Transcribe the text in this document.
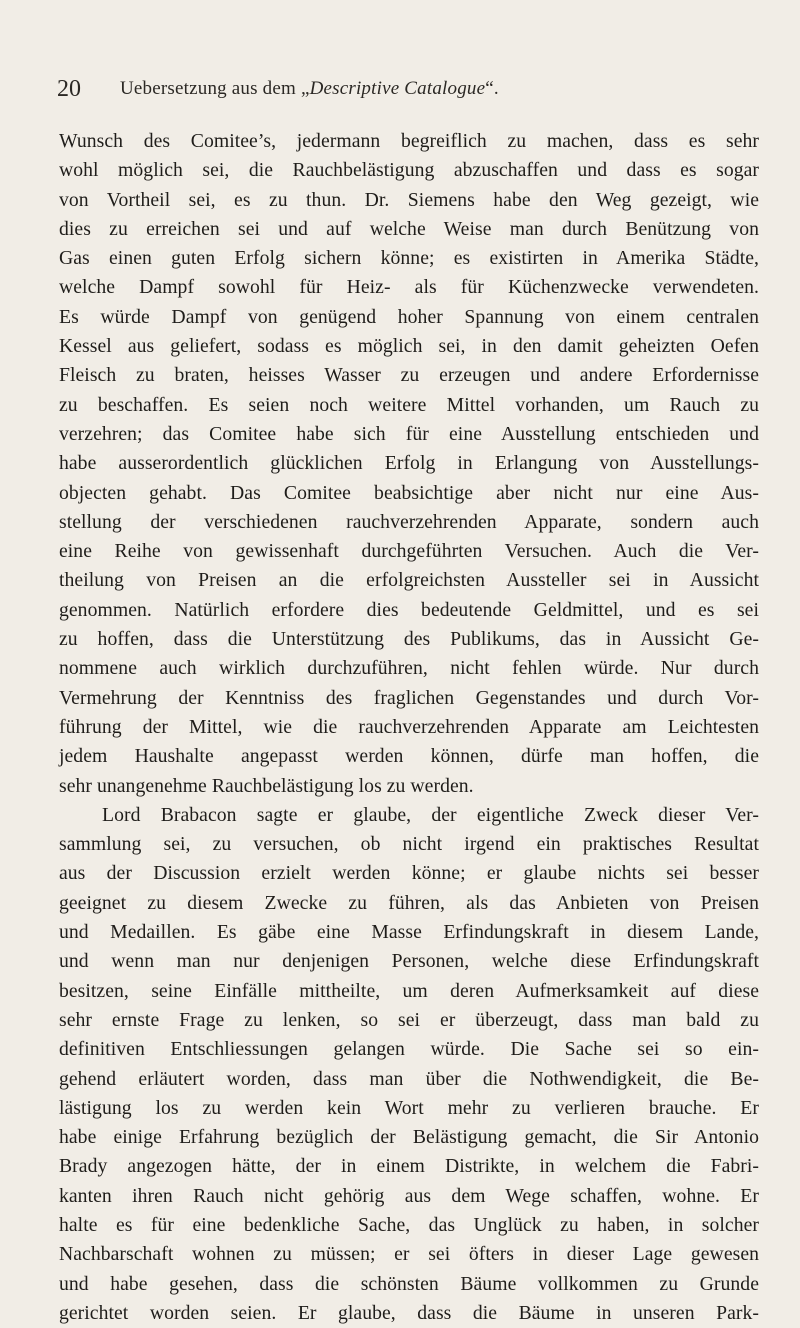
20 Uebersetzung aus dem „Descriptive Catalogue“.
Wunsch des Comitee’s, jedermann begreiflich zu machen, dass es sehr
wohl möglich sei, die Rauchbelästigung abzuschaffen und dass es sogar
von Vortheil sei, es zu thun. Dr. Siemens habe den Weg gezeigt, wie
dies zu erreichen sei und auf welche Weise man durch Benützung von
Gas einen guten Erfolg sichern könne; es existirten in Amerika Städte,
welche Dampf sowohl für Heiz- als für Küchenzwecke verwendeten.
Es würde Dampf von genügend hoher Spannung von einem centralen
Kessel aus geliefert, sodass es möglich sei, in den damit geheizten Oefen
Fleisch zu braten, heisses Wasser zu erzeugen und andere Erfordernisse
zu beschaffen. Es seien noch weitere Mittel vorhanden, um Rauch zu
verzehren; das Comitee habe sich für eine Ausstellung entschieden und
habe ausserordentlich glücklichen Erfolg in Erlangung von Ausstellungs-
objecten gehabt. Das Comitee beabsichtige aber nicht nur eine Aus-
stellung der verschiedenen rauchverzehrenden Apparate, sondern auch
eine Reihe von gewissenhaft durchgeführten Versuchen. Auch die Ver-
theilung von Preisen an die erfolgreichsten Aussteller sei in Aussicht
genommen. Natürlich erfordere dies bedeutende Geldmittel, und es sei
zu hoffen, dass die Unterstützung des Publikums, das in Aussicht Ge-
nommene auch wirklich durchzuführen, nicht fehlen würde. Nur durch
Vermehrung der Kenntniss des fraglichen Gegenstandes und durch Vor-
führung der Mittel, wie die rauchverzehrenden Apparate am Leichtesten
jedem Haushalte angepasst werden können, dürfe man hoffen, die
sehr unangenehme Rauchbelästigung los zu werden.
Lord Brabacon sagte er glaube, der eigentliche Zweck dieser Ver-
sammlung sei, zu versuchen, ob nicht irgend ein praktisches Resultat
aus der Discussion erzielt werden könne; er glaube nichts sei besser
geeignet zu diesem Zwecke zu führen, als das Anbieten von Preisen
und Medaillen. Es gäbe eine Masse Erfindungskraft in diesem Lande,
und wenn man nur denjenigen Personen, welche diese Erfindungskraft
besitzen, seine Einfälle mittheilte, um deren Aufmerksamkeit auf diese
sehr ernste Frage zu lenken, so sei er überzeugt, dass man bald zu
definitiven Entschliessungen gelangen würde. Die Sache sei so ein-
gehend erläutert worden, dass man über die Nothwendigkeit, die Be-
lästigung los zu werden kein Wort mehr zu verlieren brauche. Er
habe einige Erfahrung bezüglich der Belästigung gemacht, die Sir Antonio
Brady angezogen hätte, der in einem Distrikte, in welchem die Fabri-
kanten ihren Rauch nicht gehörig aus dem Wege schaffen, wohne. Er
halte es für eine bedenkliche Sache, das Unglück zu haben, in solcher
Nachbarschaft wohnen zu müssen; er sei öfters in dieser Lage gewesen
und habe gesehen, dass die schönsten Bäume vollkommen zu Grunde
gerichtet worden seien. Er glaube, dass die Bäume in unseren Park-
